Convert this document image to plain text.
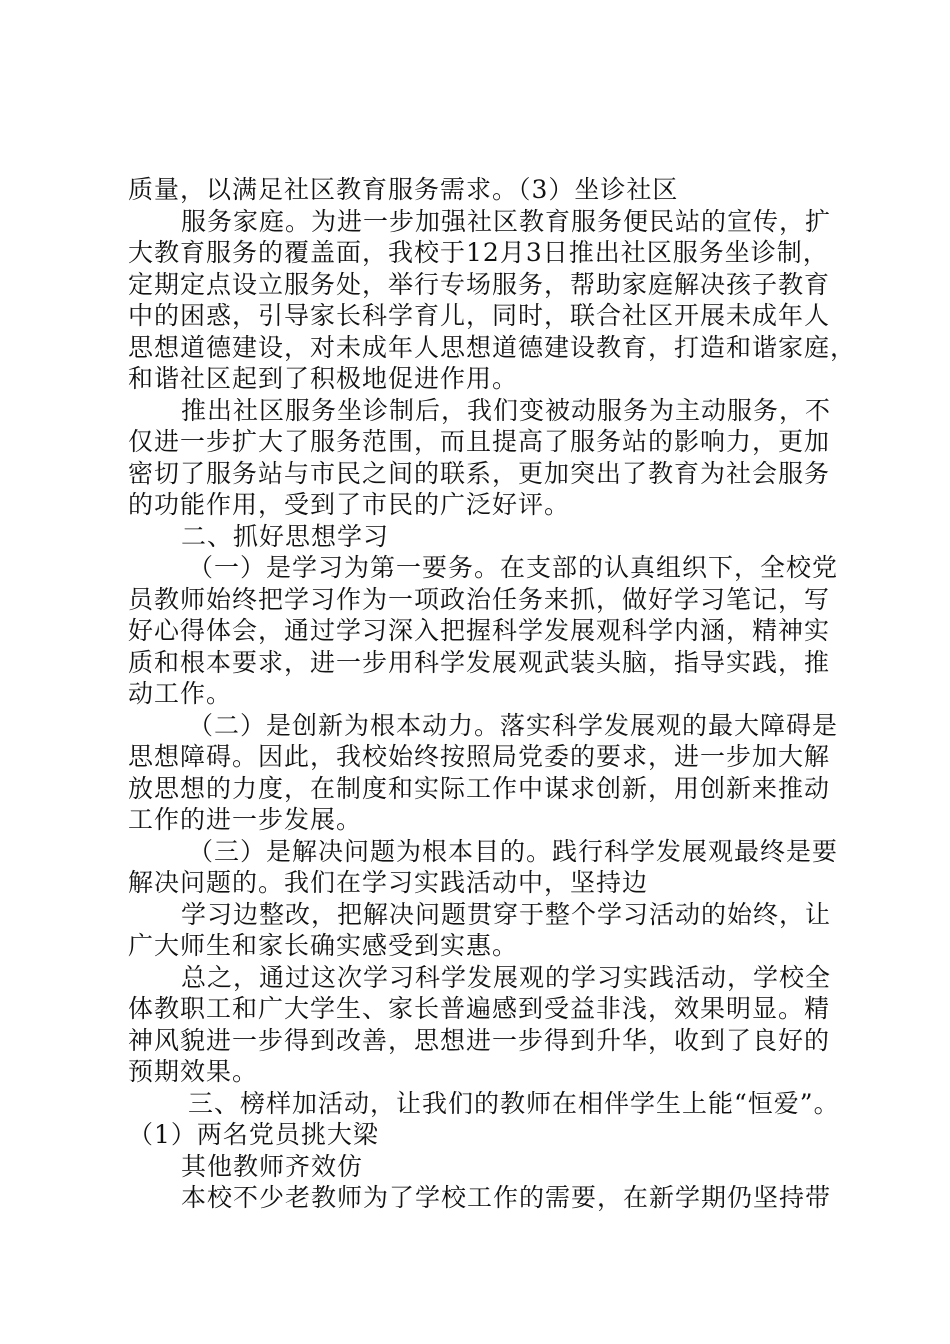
质量，以满足社区教育服务需求。（3）坐诊社区
服务家庭。为进一步加强社区教育服务便民站的宣传，扩
大教育服务的覆盖面，我校于12月3日推出社区服务坐诊制，
定期定点设立服务处，举行专场服务，帮助家庭解决孩子教育
中的困惑，引导家长科学育儿，同时，联合社区开展未成年人
思想道德建设，对未成年人思想道德建设教育，打造和谐家庭，
和谐社区起到了积极地促进作用。
推出社区服务坐诊制后，我们变被动服务为主动服务，不
仅进一步扩大了服务范围，而且提高了服务站的影响力，更加
密切了服务站与市民之间的联系，更加突出了教育为社会服务
的功能作用，受到了市民的广泛好评。
二、抓好思想学习
（一）是学习为第一要务。在支部的认真组织下，全校党
员教师始终把学习作为一项政治任务来抓，做好学习笔记，写
好心得体会，通过学习深入把握科学发展观科学内涵，精神实
质和根本要求，进一步用科学发展观武装头脑，指导实践，推
动工作。
（二）是创新为根本动力。落实科学发展观的最大障碍是
思想障碍。因此，我校始终按照局党委的要求，进一步加大解
放思想的力度，在制度和实际工作中谋求创新，用创新来推动
工作的进一步发展。
（三）是解决问题为根本目的。践行科学发展观最终是要
解决问题的。我们在学习实践活动中，坚持边
学习边整改，把解决问题贯穿于整个学习活动的始终，让
广大师生和家长确实感受到实惠。
总之，通过这次学习科学发展观的学习实践活动，学校全
体教职工和广大学生、家长普遍感到受益非浅，效果明显。精
神风貌进一步得到改善，思想进一步得到升华，收到了良好的
预期效果。
三、榜样加活动，让我们的教师在相伴学生上能“恒爱”。
（1）两名党员挑大梁
其他教师齐效仿
本校不少老教师为了学校工作的需要，在新学期仍坚持带
